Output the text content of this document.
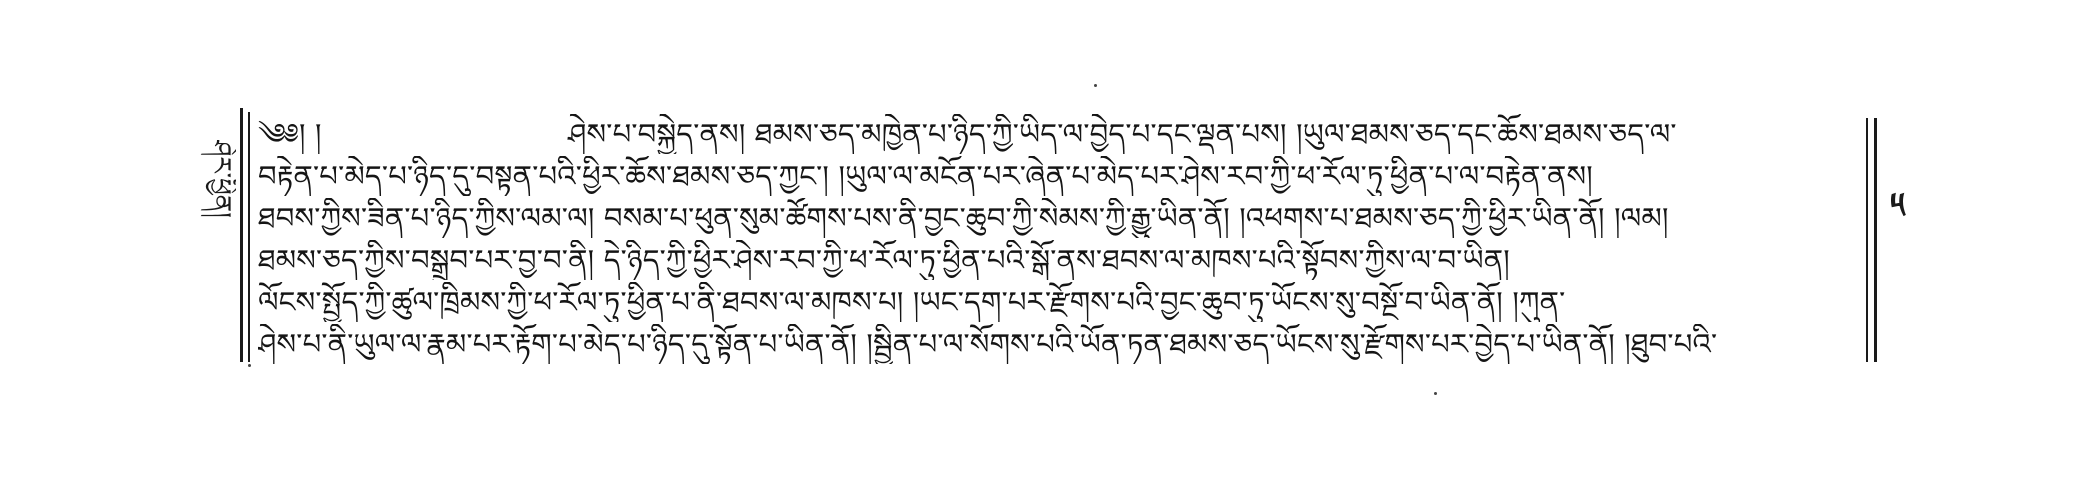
ཤེར་ཕྱིན།	༥
༄༅། །	ཤེས་པ་བསྐྱེད་ནས། ཐམས་ཅད་མཁྱེན་པ་ཉིད་ཀྱི་ཡིད་ལ་བྱེད་པ་དང་ལྡན་པས། །ཡུལ་ཐམས་ཅད་དང་ཆོས་ཐམས་ཅད་ལ་
བརྟེན་པ་མེད་པ་ཉིད་དུ་བསྟན་པའི་ཕྱིར་ཆོས་ཐམས་ཅད་ཀྱང་། །ཡུལ་ལ་མངོན་པར་ཞེན་པ་མེད་པར་ཤེས་རབ་ཀྱི་ཕ་རོལ་ཏུ་ཕྱིན་པ་ལ་བརྟེན་ནས།
ཐབས་ཀྱིས་ཟིན་པ་ཉིད་ཀྱིས་ལམ་ལ། བསམ་པ་ཕུན་སུམ་ཚོགས་པས་ནི་བྱང་ཆུབ་ཀྱི་སེམས་ཀྱི་རྒྱུ་ཡིན་ནོ། །འཕགས་པ་ཐམས་ཅད་ཀྱི་ཕྱིར་ཡིན་ནོ། །ལམ།
ཐམས་ཅད་ཀྱིས་བསྒྲུབ་པར་བྱ་བ་ནི། དེ་ཉིད་ཀྱི་ཕྱིར་ཤེས་རབ་ཀྱི་ཕ་རོལ་ཏུ་ཕྱིན་པའི་སྒོ་ནས་ཐབས་ལ་མཁས་པའི་སྟོབས་ཀྱིས་ལ་བ་ཡིན།
ལོངས་སྤྱོད་ཀྱི་ཚུལ་ཁྲིམས་ཀྱི་ཕ་རོལ་ཏུ་ཕྱིན་པ་ནི་ཐབས་ལ་མཁས་པ། །ཡང་དག་པར་རྫོགས་པའི་བྱང་ཆུབ་ཏུ་ཡོངས་སུ་བསྔོ་བ་ཡིན་ནོ། །ཀུན་
ཤེས་པ་ནི་ཡུལ་ལ་རྣམ་པར་རྟོག་པ་མེད་པ་ཉིད་དུ་སྟོན་པ་ཡིན་ནོ། །སྦྱིན་པ་ལ་སོགས་པའི་ཡོན་ཏན་ཐམས་ཅད་ཡོངས་སུ་རྫོགས་པར་བྱེད་པ་ཡིན་ནོ། །ཐུབ་པའི་
